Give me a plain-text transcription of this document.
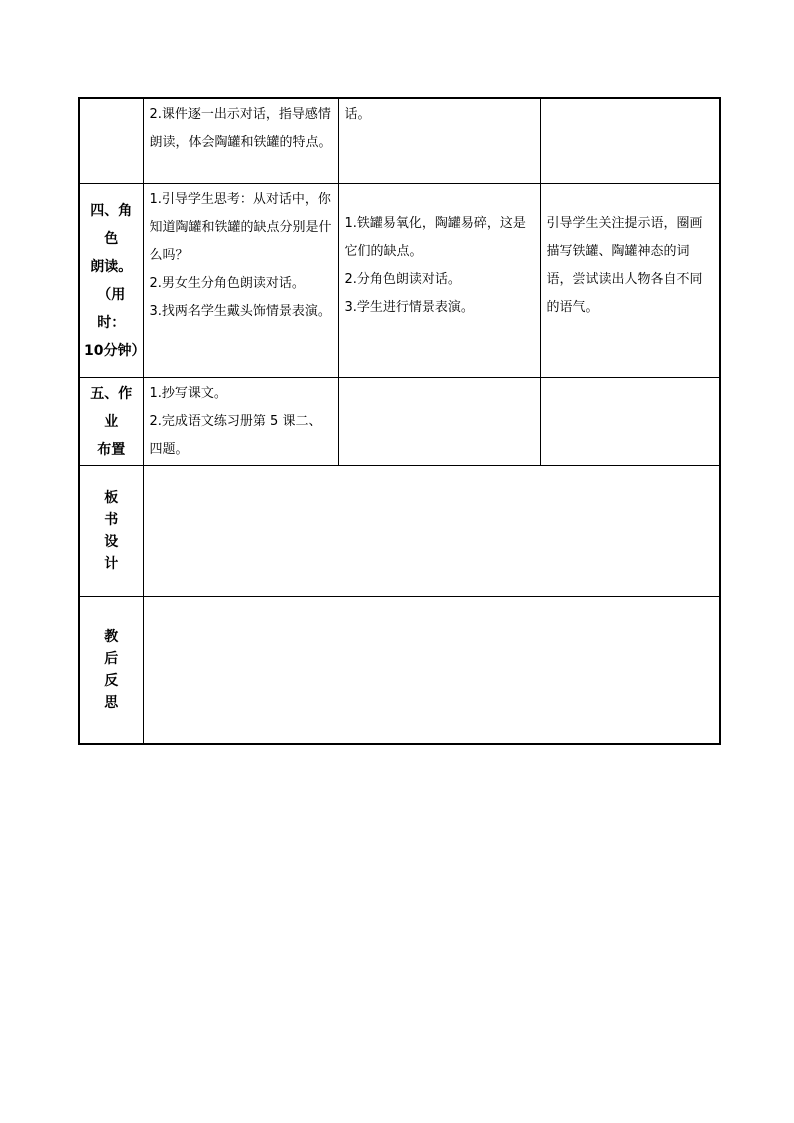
	2.课件逐一出示对话，指导感情朗读，体会陶罐和铁罐的特点。	话。	

四、角色
朗读。
（用时：
10分钟）	1.引导学生思考：从对话中，你知道陶罐和铁罐的缺点分别是什么吗？
2.男女生分角色朗读对话。
3.找两名学生戴头饰情景表演。	1.铁罐易氧化，陶罐易碎，这是它们的缺点。
2.分角色朗读对话。
3.学生进行情景表演。	引导学生关注提示语，圈画描写铁罐、陶罐神态的词语，尝试读出人物各自不同的语气。

五、作业
布置	1.抄写课文。
2.完成语文练习册第 5 课二、四题。		

板
书
设
计			

教
后
反
思			
